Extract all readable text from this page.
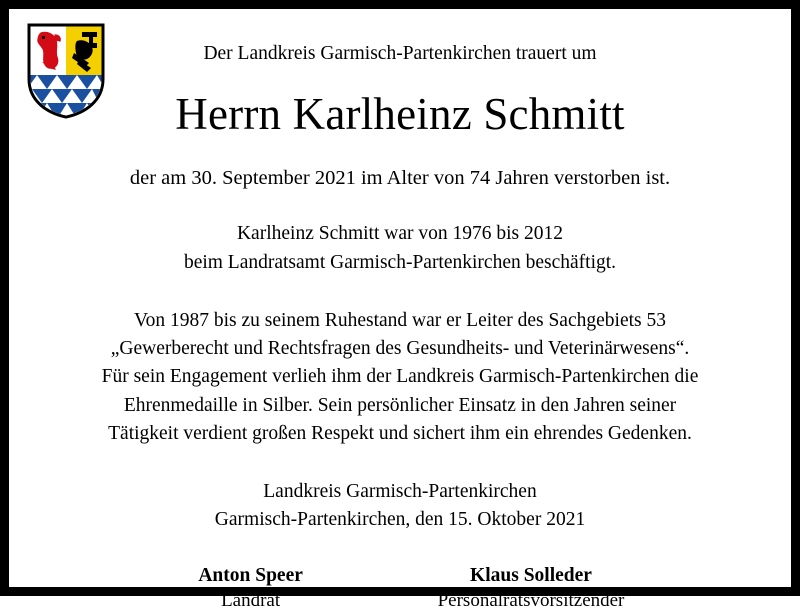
Der Landkreis Garmisch-Partenkirchen trauert um
Herrn Karlheinz Schmitt
der am 30. September 2021 im Alter von 74 Jahren verstorben ist.
Karlheinz Schmitt war von 1976 bis 2012
beim Landratsamt Garmisch-Partenkirchen beschäftigt.
Von 1987 bis zu seinem Ruhestand war er Leiter des Sachgebiets 53
„Gewerberecht und Rechtsfragen des Gesundheits- und Veterinärwesens“.
Für sein Engagement verlieh ihm der Landkreis Garmisch-Partenkirchen die
Ehrenmedaille in Silber. Sein persönlicher Einsatz in den Jahren seiner
Tätigkeit verdient großen Respekt und sichert ihm ein ehrendes Gedenken.
Landkreis Garmisch-Partenkirchen
Garmisch-Partenkirchen, den 15. Oktober 2021
Anton Speer
Landrat
Klaus Solleder
Personalratsvorsitzender
